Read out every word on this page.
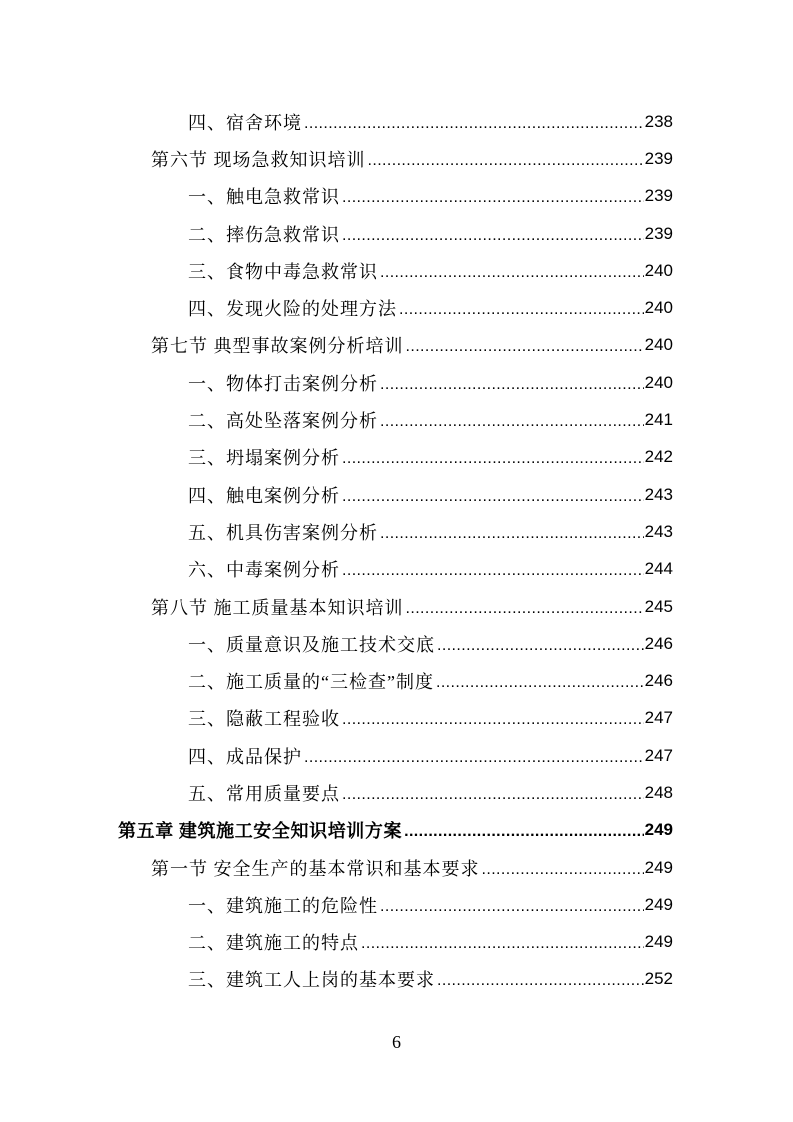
四、宿舍环境 .....	238
第六节 现场急救知识培训 .....	239
一、触电急救常识 .....	239
二、摔伤急救常识 .....	239
三、食物中毒急救常识 .....	240
四、发现火险的处理方法 .....	240
第七节 典型事故案例分析培训 .....	240
一、物体打击案例分析 .....	240
二、高处坠落案例分析 .....	241
三、坍塌案例分析 .....	242
四、触电案例分析 .....	243
五、机具伤害案例分析 .....	243
六、中毒案例分析 .....	244
第八节 施工质量基本知识培训 .....	245
一、质量意识及施工技术交底 .....	246
二、施工质量的“三检查”制度 .....	246
三、隐蔽工程验收 .....	247
四、成品保护 .....	247
五、常用质量要点 .....	248
第五章 建筑施工安全知识培训方案 .....	249
第一节 安全生产的基本常识和基本要求 .....	249
一、建筑施工的危险性 .....	249
二、建筑施工的特点 .....	249
三、建筑工人上岗的基本要求 .....	252
6
